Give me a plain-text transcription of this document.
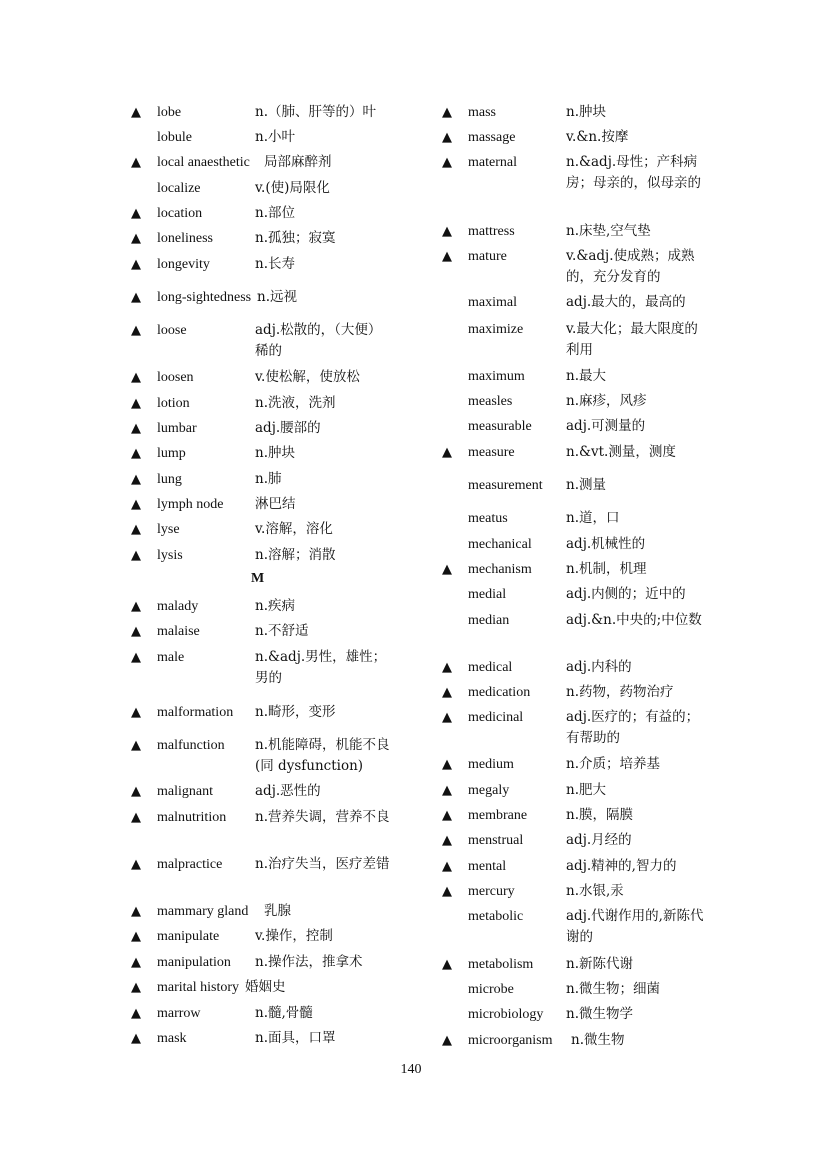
▲ lobe	n.（肺、肝等的）叶
lobule	n.小叶
▲ local anaesthetic 局部麻醉剂
localize	v.(使)局限化
▲ location	n.部位
▲ loneliness	n.孤独；寂寞
▲ longevity	n.长寿
▲ long-sightedness n.远视
▲ loose	adj.松散的，（大便）稀的
▲ loosen	v.使松解，使放松
▲ lotion	n.洗液，洗剂
▲ lumbar	adj.腰部的
▲ lump	n.肿块
▲ lung	n.肺
▲ lymph node 淋巴结
▲ lyse	v.溶解，溶化
▲ lysis	n.溶解；消散
▲ malady	n.疾病
▲ malaise	n.不舒适
▲ male	n.&adj.男性，雄性；男的
▲ malformation n.畸形，变形
▲ malfunction n.机能障碍，机能不良(同 dysfunction)
▲ malignant	adj.恶性的
▲ malnutrition n.营养失调，营养不良
▲ malpractice n.治疗失当，医疗差错
▲ mammary gland 乳腺
▲ manipulate	v.操作，控制
▲ manipulation n.操作法，推拿术
▲ marital history 婚姻史
▲ marrow	n.髓,骨髓
▲ mask	n.面具，口罩
▲ mass	n.肿块
▲ massage	v.&n.按摩
▲ maternal	n.&adj.母性；产科病房；母亲的，似母亲的
▲ mattress	n.床垫,空气垫
▲ mature	v.&adj.使成熟；成熟的，充分发育的
maximal	adj.最大的，最高的
maximize	v.最大化；最大限度的利用
maximum	n.最大
measles	n.麻疹，风疹
measurable	adj.可测量的
▲ measure	n.&vt.测量，测度
measurement n.测量
meatus	n.道，口
mechanical	adj.机械性的
▲ mechanism	n.机制，机理
medial	adj.内侧的；近中的
median	adj.&n.中央的;中位数
▲ medical	adj.内科的
▲ medication	n.药物，药物治疗
▲ medicinal	adj.医疗的；有益的；有帮助的
▲ medium	n.介质；培养基
▲ megaly	n.肥大
▲ membrane	n.膜，隔膜
▲ menstrual	adj.月经的
▲ mental	adj.精神的,智力的
▲ mercury	n.水银,汞
metabolic	adj.代谢作用的,新陈代谢的
▲ metabolism n.新陈代谢
microbe	n.微生物；细菌
microbiology n.微生物学
▲ microorganism n.微生物
M
140
